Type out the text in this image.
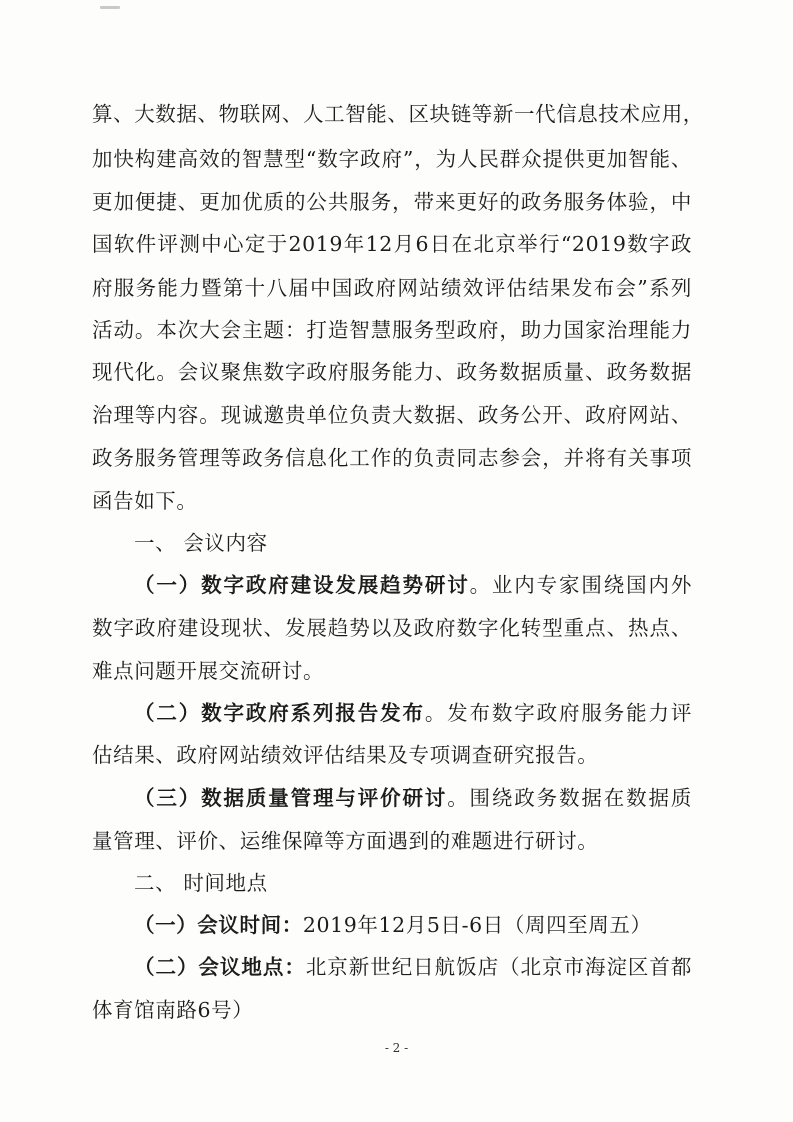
算、大数据、物联网、人工智能、区块链等新一代信息技术应用，
加快构建高效的智慧型“数字政府”，为人民群众提供更加智能、
更加便捷、更加优质的公共服务，带来更好的政务服务体验，中
国软件评测中心定于2019年12月6日在北京举行“2019数字政
府服务能力暨第十八届中国政府网站绩效评估结果发布会”系列
活动。本次大会主题：打造智慧服务型政府，助力国家治理能力
现代化。会议聚焦数字政府服务能力、政务数据质量、政务数据
治理等内容。现诚邀贵单位负责大数据、政务公开、政府网站、
政务服务管理等政务信息化工作的负责同志参会，并将有关事项
函告如下。
一、 会议内容
（一）数字政府建设发展趋势研讨。业内专家围绕国内外
数字政府建设现状、发展趋势以及政府数字化转型重点、热点、
难点问题开展交流研讨。
（二）数字政府系列报告发布。发布数字政府服务能力评
估结果、政府网站绩效评估结果及专项调查研究报告。
（三）数据质量管理与评价研讨。围绕政务数据在数据质
量管理、评价、运维保障等方面遇到的难题进行研讨。
二、 时间地点
（一）会议时间：2019年12月5日-6日（周四至周五）
（二）会议地点：北京新世纪日航饭店（北京市海淀区首都
体育馆南路6号）
- 2 -
